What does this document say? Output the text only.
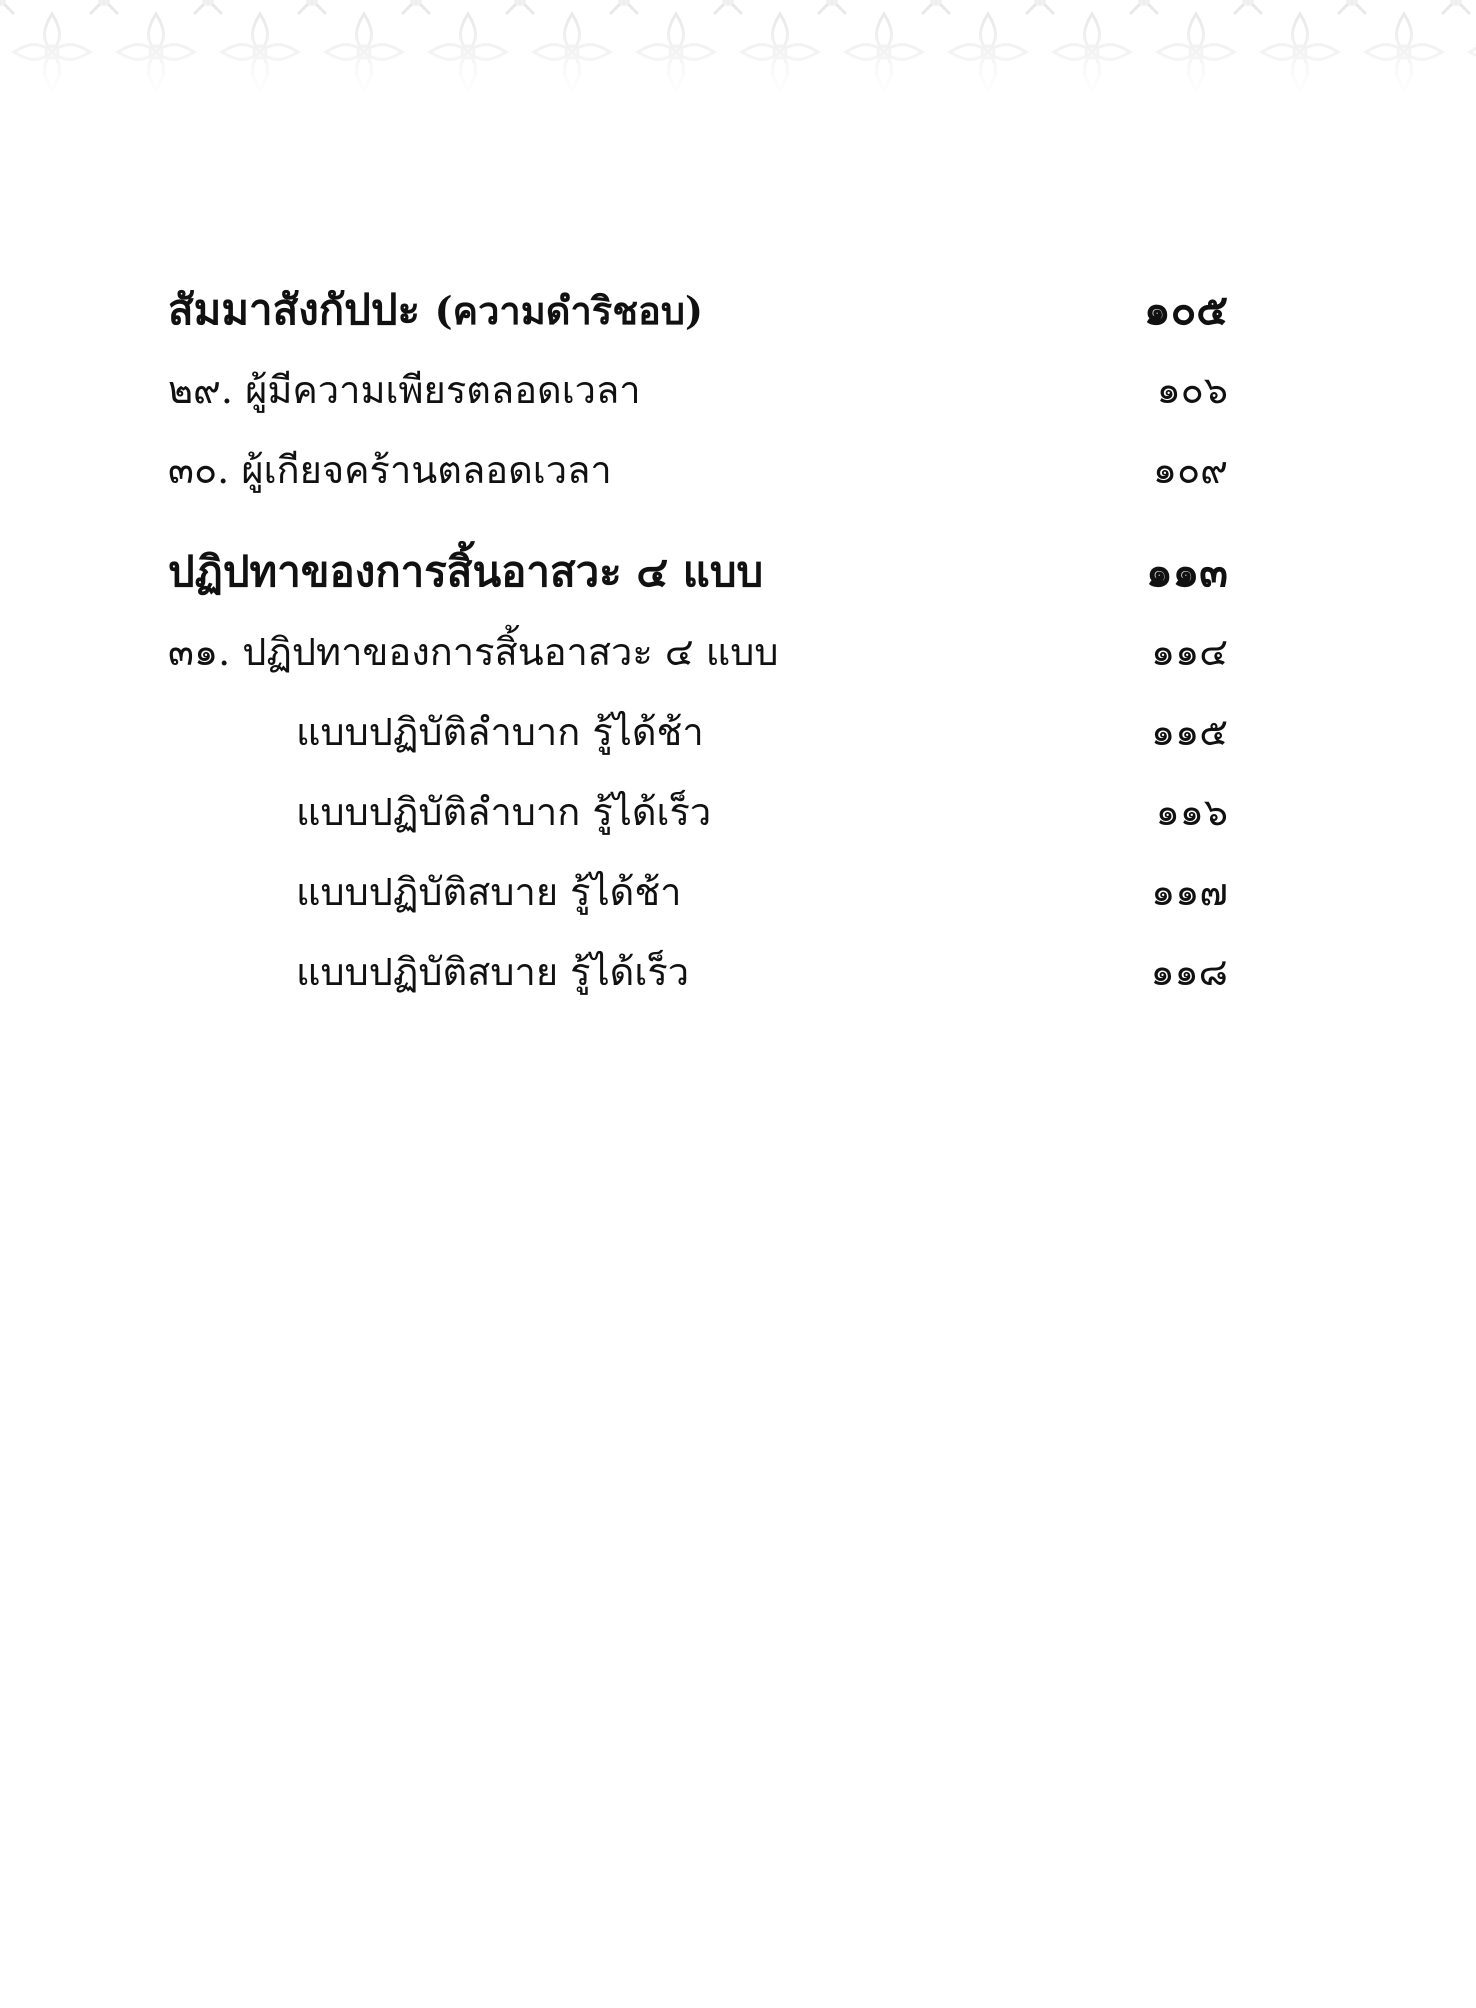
สัมมาสังกัปปะ (ความดำริชอบ)	๑๐๕
๒๙. ผู้มีความเพียรตลอดเวลา	๑๐๖
๓๐. ผู้เกียจคร้านตลอดเวลา	๑๐๙
ปฏิปทาของการสิ้นอาสวะ ๔ แบบ	๑๑๓
๓๑. ปฏิปทาของการสิ้นอาสวะ ๔ แบบ	๑๑๔
แบบปฏิบัติลำบาก รู้ได้ช้า	๑๑๕
แบบปฏิบัติลำบาก รู้ได้เร็ว	๑๑๖
แบบปฏิบัติสบาย รู้ได้ช้า	๑๑๗
แบบปฏิบัติสบาย รู้ได้เร็ว	๑๑๘
